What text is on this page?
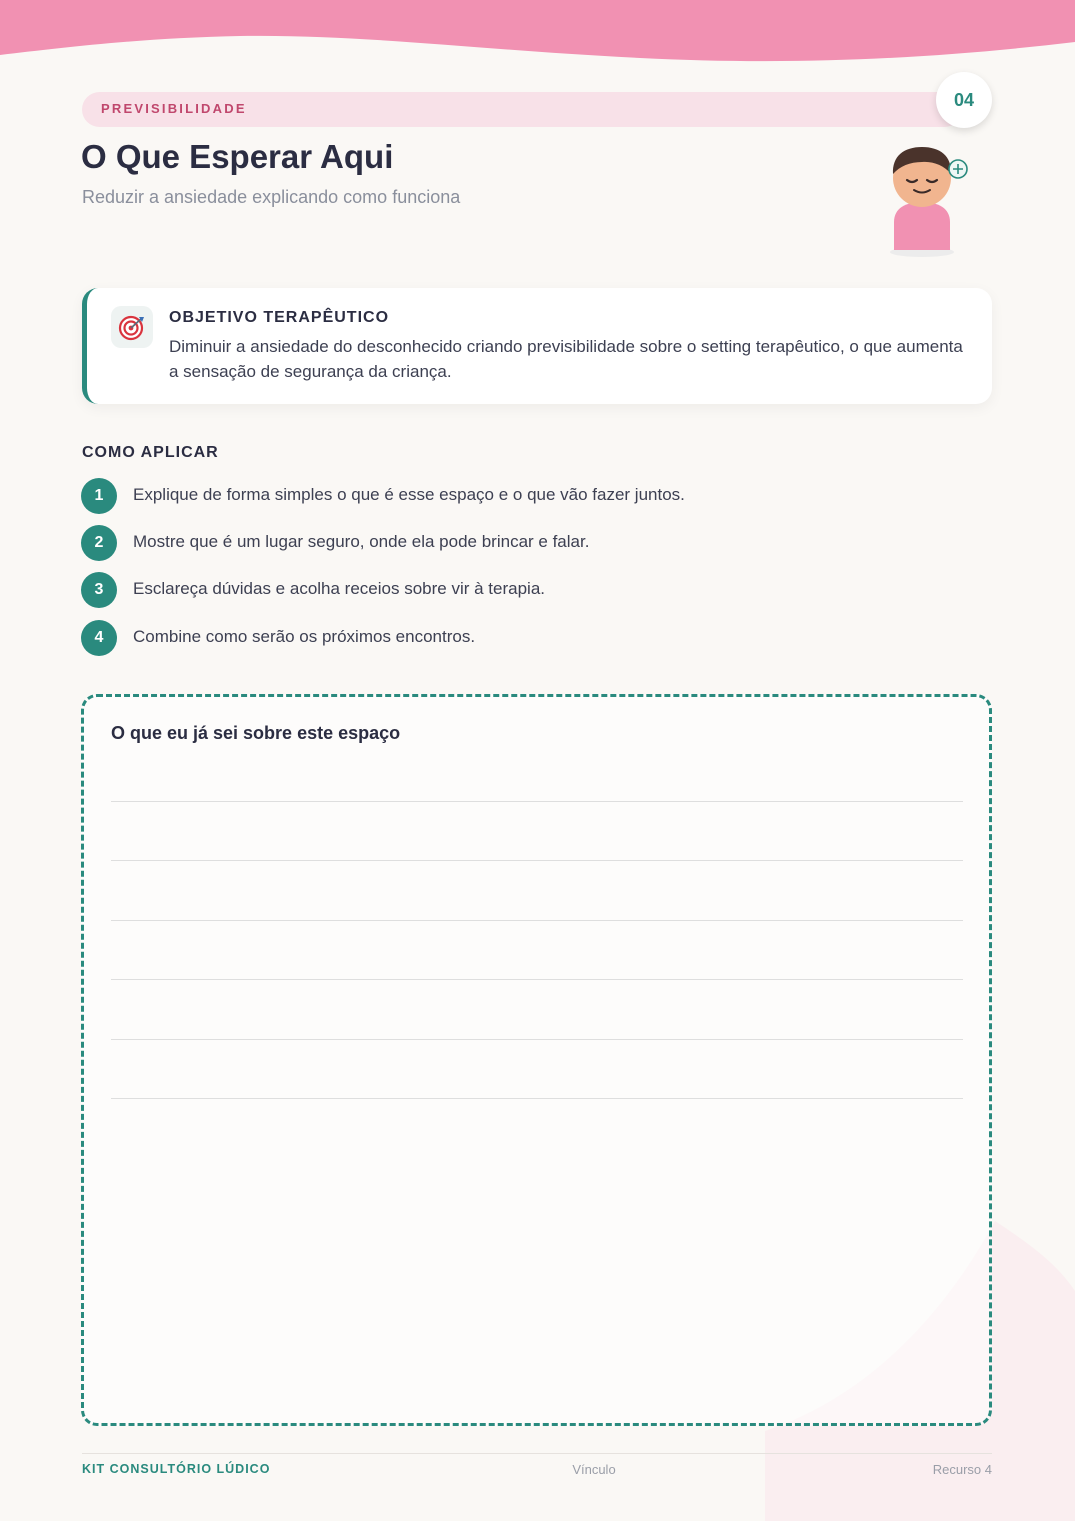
PREVISIBILIDADE	04
O Que Esperar Aqui

Reduzir a ansiedade explicando como funciona

OBJETIVO TERAPÊUTICO

Diminuir a ansiedade do desconhecido criando previsibilidade sobre o setting terapêutico, o que aumenta a sensação de segurança da criança.

COMO APLICAR
1	Explique de forma simples o que é esse espaço e o que vão fazer juntos.
2	Mostre que é um lugar seguro, onde ela pode brincar e falar.
3	Esclareça dúvidas e acolha receios sobre vir à terapia.
4	Combine como serão os próximos encontros.
O que eu já sei sobre este espaço
KIT CONSULTÓRIO LÚDICO	Vínculo	Recurso 4
